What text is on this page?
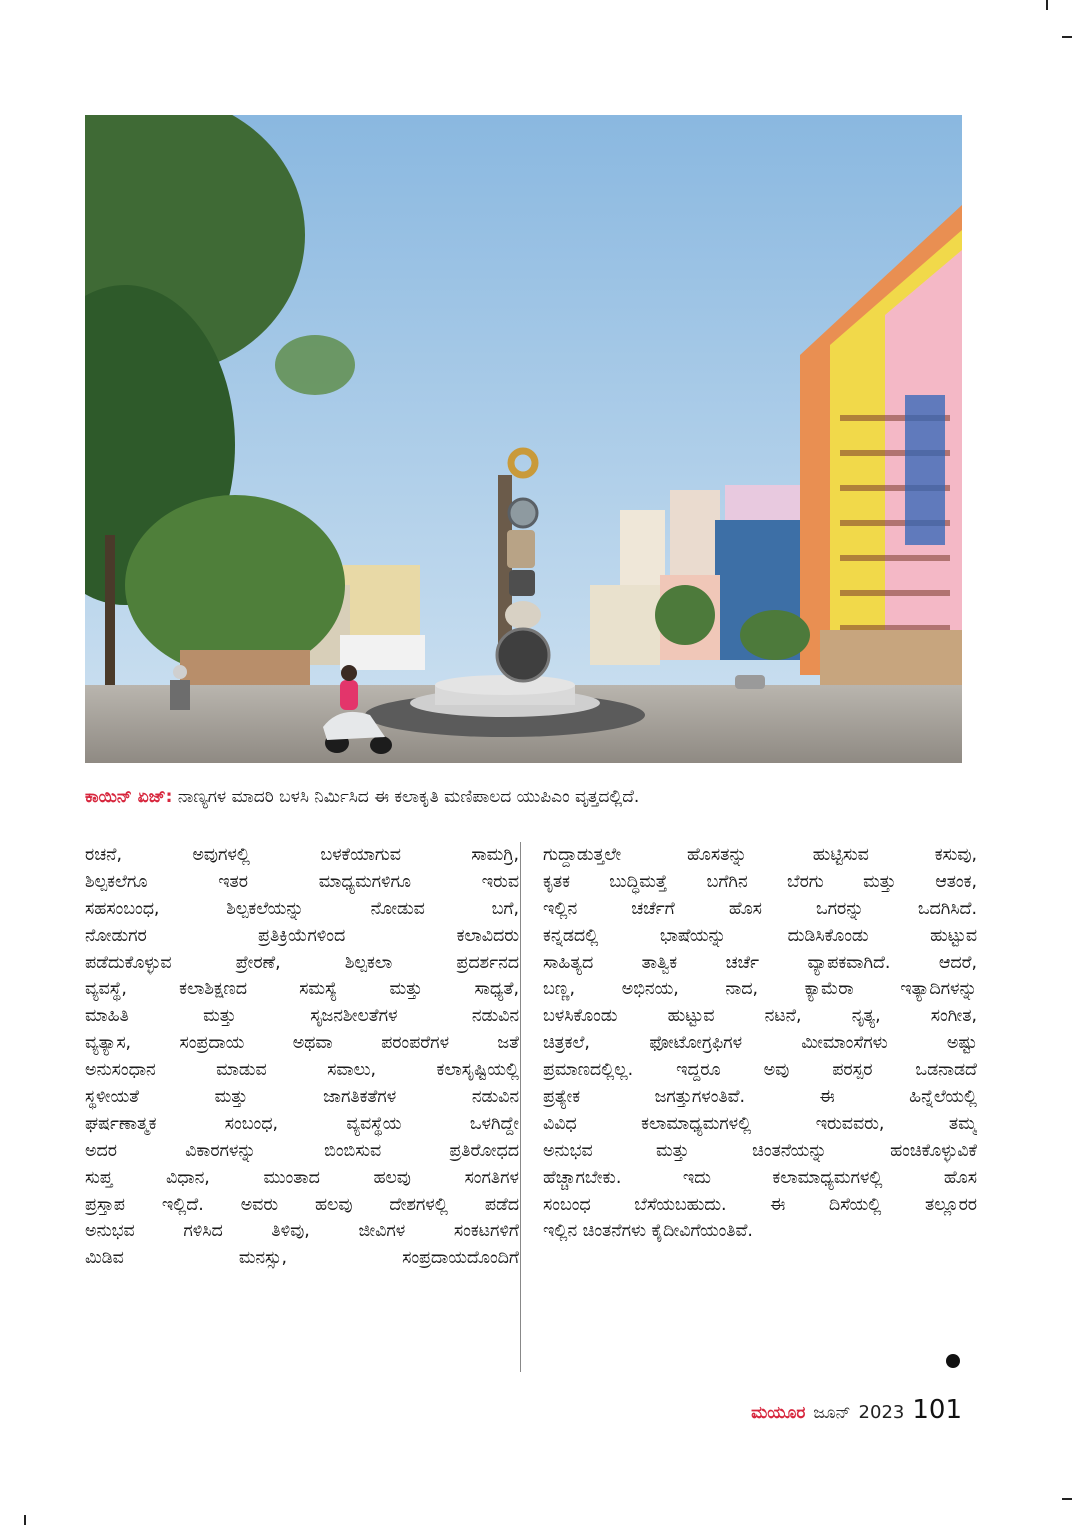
ಕಾಯಿನ್ ಏಜ್: ನಾಣ್ಯಗಳ ಮಾದರಿ ಬಳಸಿ ನಿರ್ಮಿಸಿದ ಈ ಕಲಾಕೃತಿ ಮಣಿಪಾಲದ ಯುಪಿಎಂ ವೃತ್ತದಲ್ಲಿದೆ.
ರಚನೆ, ಅವುಗಳಲ್ಲಿ ಬಳಕೆಯಾಗುವ ಸಾಮಗ್ರಿ,
ಶಿಲ್ಪಕಲೆಗೂ ಇತರ ಮಾಧ್ಯಮಗಳಿಗೂ ಇರುವ
ಸಹಸಂಬಂಧ, ಶಿಲ್ಪಕಲೆಯನ್ನು ನೋಡುವ ಬಗೆ,
ನೋಡುಗರ ಪ್ರತಿಕ್ರಿಯೆಗಳಿಂದ ಕಲಾವಿದರು
ಪಡೆದುಕೊಳ್ಳುವ ಪ್ರೇರಣೆ, ಶಿಲ್ಪಕಲಾ ಪ್ರದರ್ಶನದ
ವ್ಯವಸ್ಥೆ, ಕಲಾಶಿಕ್ಷಣದ ಸಮಸ್ಯೆ ಮತ್ತು ಸಾಧ್ಯತೆ,
ಮಾಹಿತಿ ಮತ್ತು ಸೃಜನಶೀಲತೆಗಳ ನಡುವಿನ
ವ್ಯತ್ಯಾಸ, ಸಂಪ್ರದಾಯ ಅಥವಾ ಪರಂಪರೆಗಳ ಜತೆ
ಅನುಸಂಧಾನ ಮಾಡುವ ಸವಾಲು, ಕಲಾಸೃಷ್ಟಿಯಲ್ಲಿ
ಸ್ಥಳೀಯತೆ ಮತ್ತು ಜಾಗತಿಕತೆಗಳ ನಡುವಿನ
ಘರ್ಷಣಾತ್ಮಕ ಸಂಬಂಧ, ವ್ಯವಸ್ಥೆಯ ಒಳಗಿದ್ದೇ
ಅದರ ವಿಕಾರಗಳನ್ನು ಬಿಂಬಿಸುವ ಪ್ರತಿರೋಧದ
ಸುಪ್ತ ವಿಧಾನ, ಮುಂತಾದ ಹಲವು ಸಂಗತಿಗಳ
ಪ್ರಸ್ತಾಪ ಇಲ್ಲಿದೆ. ಅವರು ಹಲವು ದೇಶಗಳಲ್ಲಿ ಪಡೆದ
ಅನುಭವ ಗಳಿಸಿದ ತಿಳಿವು, ಜೀವಿಗಳ ಸಂಕಟಗಳಿಗೆ
ಮಿಡಿವ ಮನಸ್ಸು, ಸಂಪ್ರದಾಯದೊಂದಿಗೆ
ಗುದ್ದಾಡುತ್ತಲೇ ಹೊಸತನ್ನು ಹುಟ್ಟಿಸುವ ಕಸುವು,
ಕೃತಕ ಬುದ್ಧಿಮತ್ತೆ ಬಗೆಗಿನ ಬೆರಗು ಮತ್ತು ಆತಂಕ,
ಇಲ್ಲಿನ ಚರ್ಚೆಗೆ ಹೊಸ ಒಗರನ್ನು ಒದಗಿಸಿದೆ.
ಕನ್ನಡದಲ್ಲಿ ಭಾಷೆಯನ್ನು ದುಡಿಸಿಕೊಂಡು ಹುಟ್ಟುವ
ಸಾಹಿತ್ಯದ ತಾತ್ವಿಕ ಚರ್ಚೆ ವ್ಯಾಪಕವಾಗಿದೆ. ಆದರೆ,
ಬಣ್ಣ, ಅಭಿನಯ, ನಾದ, ಕ್ಯಾಮೆರಾ ಇತ್ಯಾದಿಗಳನ್ನು
ಬಳಸಿಕೊಂಡು ಹುಟ್ಟುವ ನಟನೆ, ನೃತ್ಯ, ಸಂಗೀತ,
ಚಿತ್ರಕಲೆ, ಫೋಟೋಗ್ರಫಿಗಳ ಮೀಮಾಂಸೆಗಳು ಅಷ್ಟು
ಪ್ರಮಾಣದಲ್ಲಿಲ್ಲ. ಇದ್ದರೂ ಅವು ಪರಸ್ಪರ ಒಡನಾಡದೆ
ಪ್ರತ್ಯೇಕ ಜಗತ್ತುಗಳಂತಿವೆ. ಈ ಹಿನ್ನೆಲೆಯಲ್ಲಿ
ವಿವಿಧ ಕಲಾಮಾಧ್ಯಮಗಳಲ್ಲಿ ಇರುವವರು, ತಮ್ಮ
ಅನುಭವ ಮತ್ತು ಚಿಂತನೆಯನ್ನು ಹಂಚಿಕೊಳ್ಳುವಿಕೆ
ಹೆಚ್ಚಾಗಬೇಕು. ಇದು ಕಲಾಮಾಧ್ಯಮಗಳಲ್ಲಿ ಹೊಸ
ಸಂಬಂಧ ಬೆಸೆಯಬಹುದು. ಈ ದಿಸೆಯಲ್ಲಿ ತಲ್ಲೂರರ
ಇಲ್ಲಿನ ಚಿಂತನೆಗಳು ಕೈದೀವಿಗೆಯಂತಿವೆ.
ಮಯೂರ ಜೂನ್ 2023 101
